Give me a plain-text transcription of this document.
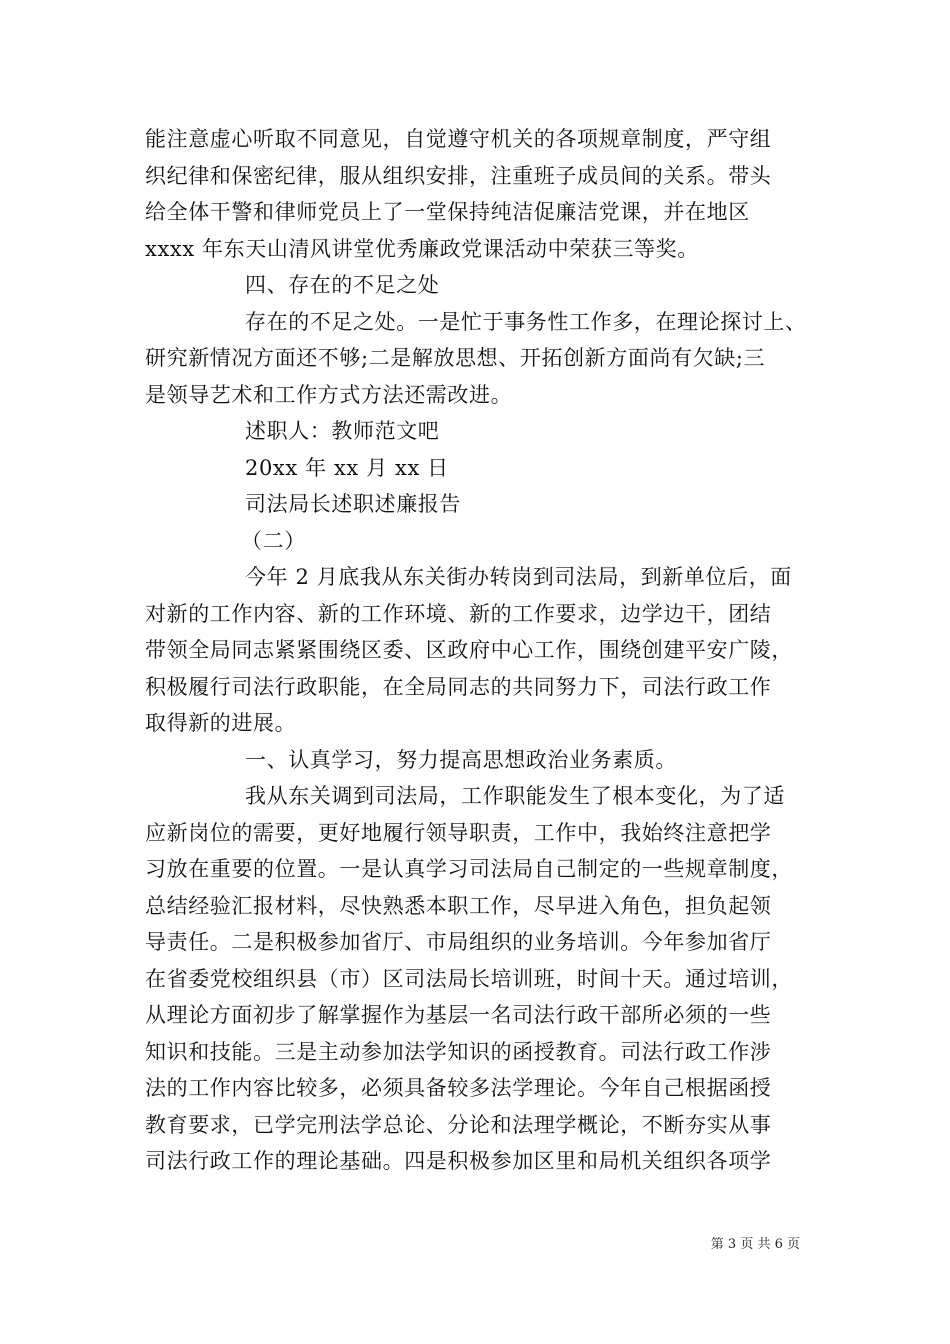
能注意虚心听取不同意见，自觉遵守机关的各项规章制度，严守组
织纪律和保密纪律，服从组织安排，注重班子成员间的关系。带头
给全体干警和律师党员上了一堂保持纯洁促廉洁党课，并在地区
xxxx 年东天山清风讲堂优秀廉政党课活动中荣获三等奖。
四、存在的不足之处
存在的不足之处。一是忙于事务性工作多，在理论探讨上、
研究新情况方面还不够;二是解放思想、开拓创新方面尚有欠缺;三
是领导艺术和工作方式方法还需改进。
述职人：教师范文吧
20xx 年 xx 月 xx 日
司法局长述职述廉报告
（二）
今年 2 月底我从东关街办转岗到司法局，到新单位后，面
对新的工作内容、新的工作环境、新的工作要求，边学边干，团结
带领全局同志紧紧围绕区委、区政府中心工作，围绕创建平安广陵，
积极履行司法行政职能，在全局同志的共同努力下，司法行政工作
取得新的进展。
一、认真学习，努力提高思想政治业务素质。
我从东关调到司法局，工作职能发生了根本变化，为了适
应新岗位的需要，更好地履行领导职责，工作中，我始终注意把学
习放在重要的位置。一是认真学习司法局自己制定的一些规章制度，
总结经验汇报材料，尽快熟悉本职工作，尽早进入角色，担负起领
导责任。二是积极参加省厅、市局组织的业务培训。今年参加省厅
在省委党校组织县（市）区司法局长培训班，时间十天。通过培训，
从理论方面初步了解掌握作为基层一名司法行政干部所必须的一些
知识和技能。三是主动参加法学知识的函授教育。司法行政工作涉
法的工作内容比较多，必须具备较多法学理论。今年自己根据函授
教育要求，已学完刑法学总论、分论和法理学概论，不断夯实从事
司法行政工作的理论基础。四是积极参加区里和局机关组织各项学
第 3 页 共 6 页
